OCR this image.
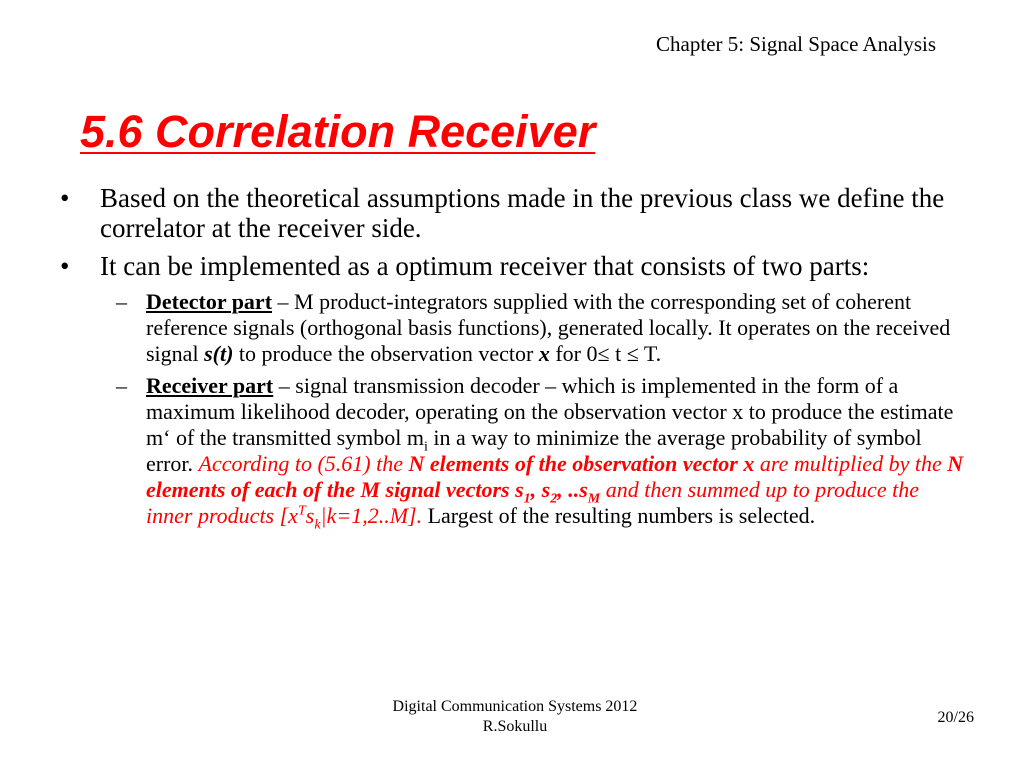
Chapter 5: Signal Space Analysis
5.6 Correlation Receiver
• Based on the theoretical assumptions made in the previous class we define the correlator at the receiver side.
• It can be implemented as a optimum receiver that consists of two parts:
– Detector part – M product-integrators supplied with the corresponding set of coherent reference signals (orthogonal basis functions), generated locally. It operates on the received signal s(t) to produce the observation vector x for 0≤ t ≤ T.
– Receiver part – signal transmission decoder – which is implemented in the form of a maximum likelihood decoder, operating on the observation vector x to produce the estimate m‘ of the transmitted symbol $m_i$ in a way to minimize the average probability of symbol error. According to (5.61) the N elements of the observation vector x are multiplied by the N elements of each of the M signal vectors $s_1$, $s_2$, $..s_M$ and then summed up to produce the inner products $[x^Ts_k|k=1,2..M]$. Largest of the resulting numbers is selected.
Digital Communication Systems 2012
R.Sokullu
20/26
